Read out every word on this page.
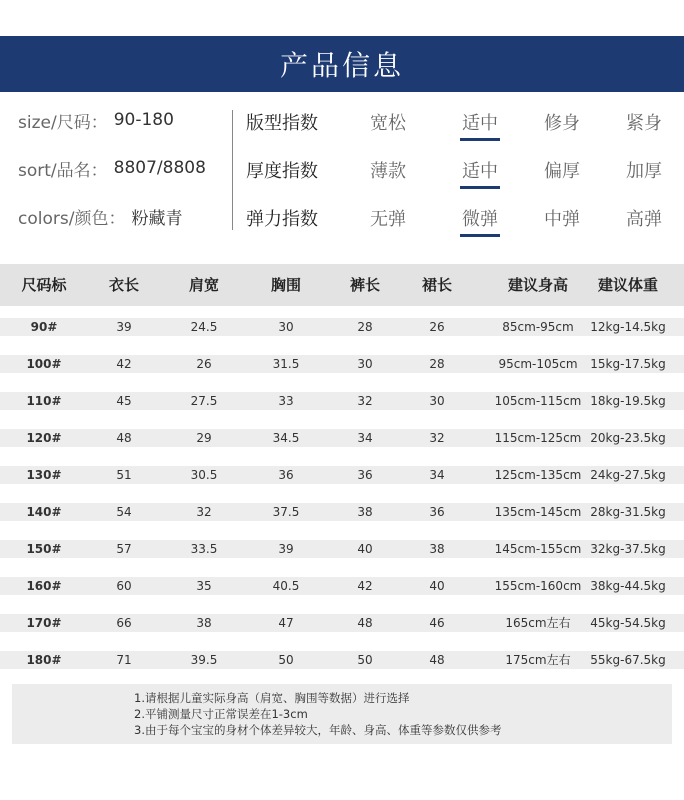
产品信息
size/尺码： 90-180
sort/品名： 8807/8808
colors/颜色： 粉藏青
版型指数	宽松	适中	修身	紧身
厚度指数	薄款	适中	偏厚	加厚
弹力指数	无弹	微弹	中弹	高弹
尺码标	衣长	肩宽	胸围	裤长	裙长	建议身高 建议体重
90#	39	24.5	30	28	26	85cm-95cm 12kg-14.5kg
100#	42	26	31.5	30	28	95cm-105cm 15kg-17.5kg
110#	45	27.5	33	32	30	105cm-115cm 18kg-19.5kg
120#	48	29	34.5	34	32	115cm-125cm 20kg-23.5kg
130#	51	30.5	36	36	34	125cm-135cm 24kg-27.5kg
140#	54	32	37.5	38	36	135cm-145cm 28kg-31.5kg
150#	57	33.5	39	40	38	145cm-155cm 32kg-37.5kg
160#	60	35	40.5	42	40	155cm-160cm 38kg-44.5kg
170#	66	38	47	48	46	165cm左右 45kg-54.5kg
180#	71	39.5	50	50	48	175cm左右 55kg-67.5kg
1.请根据儿童实际身高（肩宽、胸围等数据）进行选择
2.平铺测量尺寸正常误差在1-3cm
3.由于每个宝宝的身材个体差异较大，年龄、身高、体重等参数仅供参考
